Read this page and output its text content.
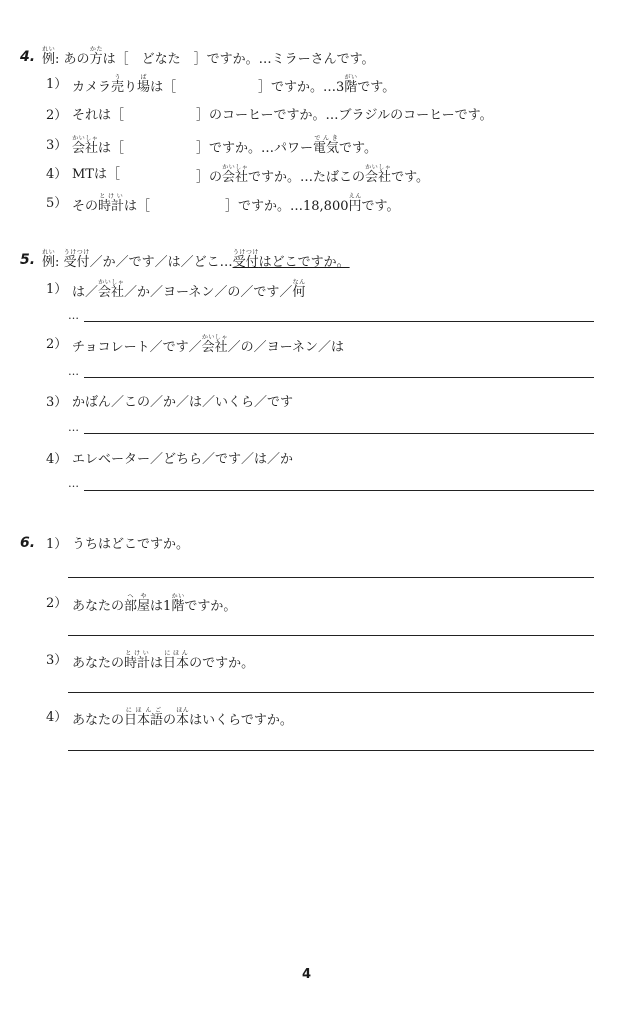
4. 例れい: あの方かたは［　どなた　］ですか。…ミラーさんです。
1） カメラ売うり場ばは［	］ですか。…3階がいです。
2） それは［	］のコーヒーですか。…ブラジルのコーヒーです。
3） 会社かいしゃは［	］ですか。…パワー電気でんきです。
4） MTは［	］の会社かいしゃですか。…たばこの会社かいしゃです。
5） その時計とけいは［	］ですか。…18,800円えんです。
5. 例れい: 受付うけつけ／か／です／は／どこ…受付うけつけはどこですか。
1） は／会社かいしゃ／か／ヨーネン／の／です／何なん
…
2） チョコレート／です／会社かいしゃ／の／ヨーネン／は
…
3） かばん／この／か／は／いくら／です
…
4） エレベーター／どちら／です／は／か
…
6. 1） うちはどこですか。
2） あなたの部屋へやは1階かいですか。
3） あなたの時計とけいは日本にほんのですか。
4） あなたの日本語にほんごの本ほんはいくらですか。
4
